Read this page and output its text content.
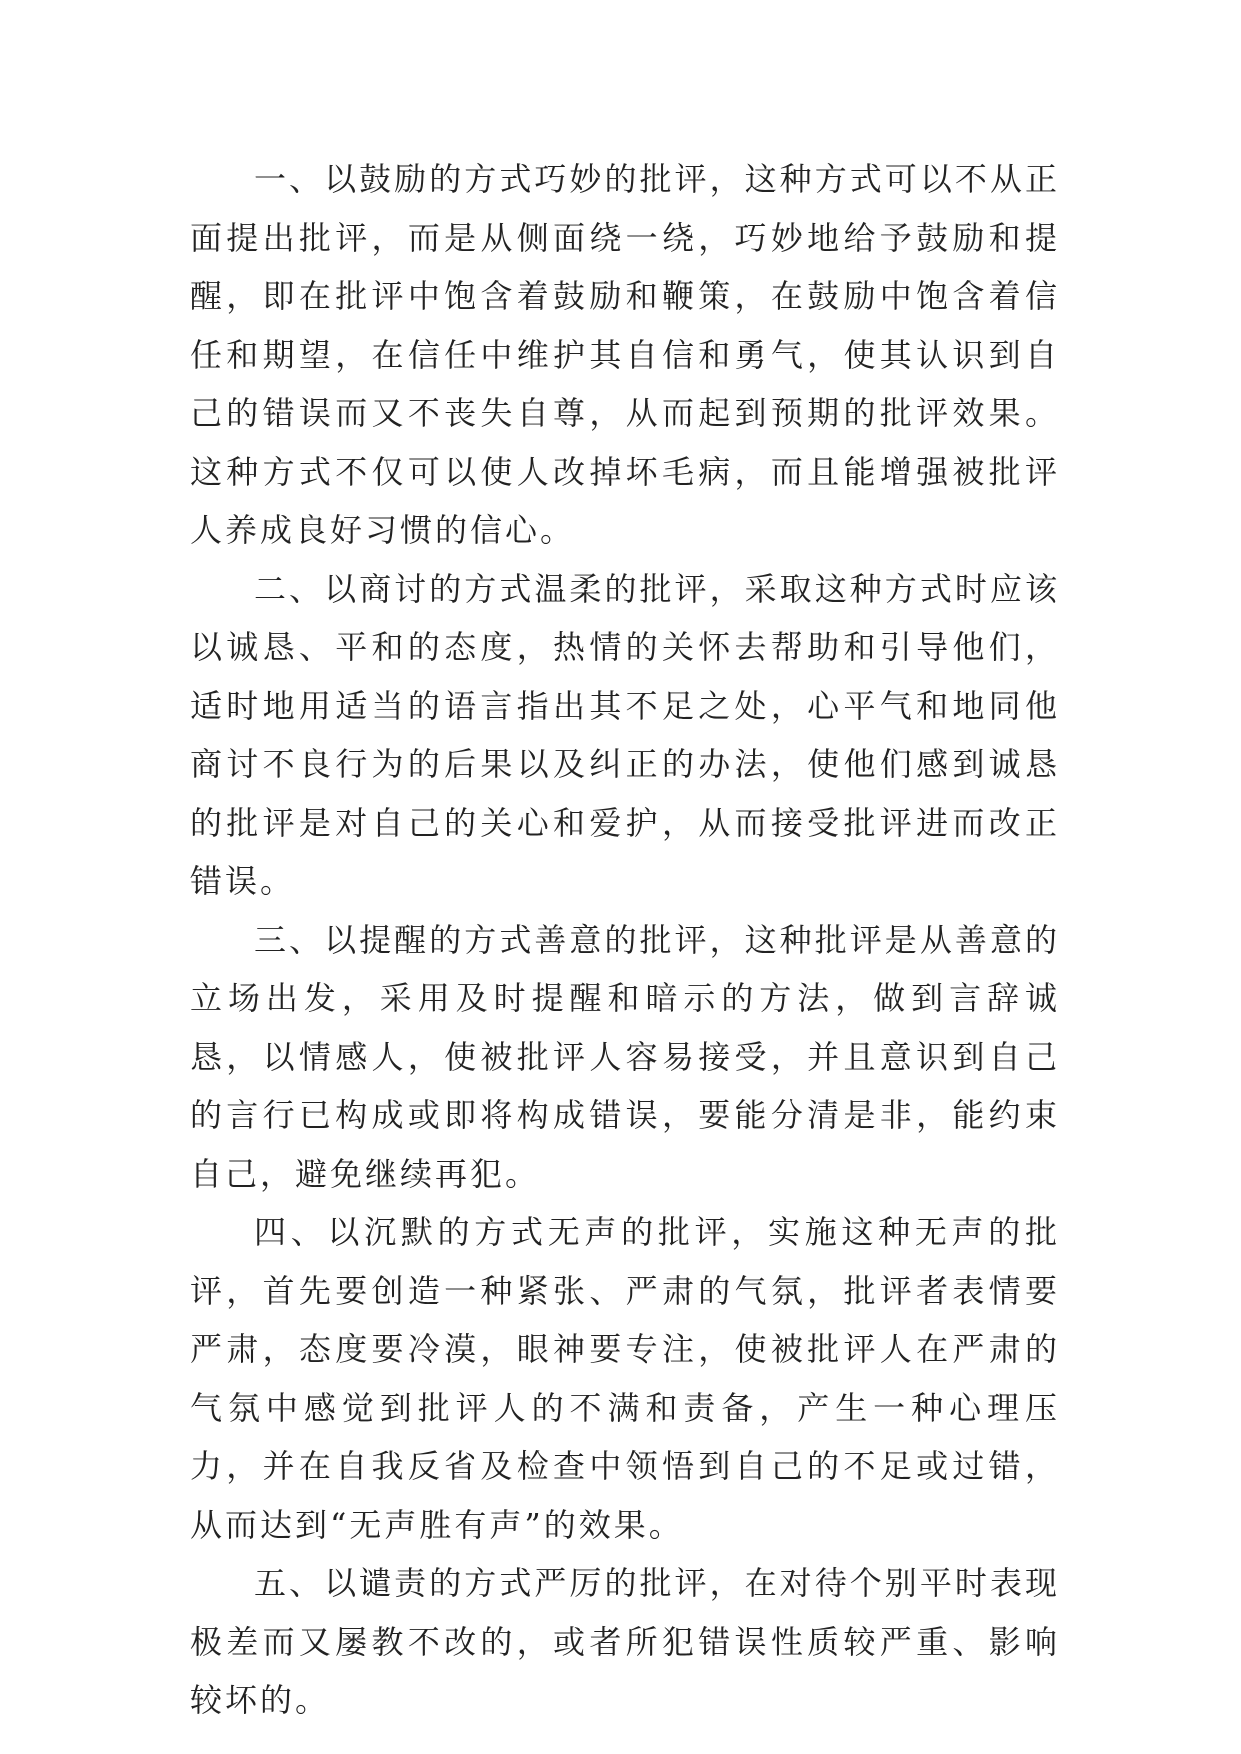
一、以鼓励的方式巧妙的批评，这种方式可以不从正面提出批评，而是从侧面绕一绕，巧妙地给予鼓励和提醒，即在批评中饱含着鼓励和鞭策，在鼓励中饱含着信任和期望，在信任中维护其自信和勇气，使其认识到自己的错误而又不丧失自尊，从而起到预期的批评效果。这种方式不仅可以使人改掉坏毛病，而且能增强被批评人养成良好习惯的信心。

二、以商讨的方式温柔的批评，采取这种方式时应该以诚恳、平和的态度，热情的关怀去帮助和引导他们，适时地用适当的语言指出其不足之处，心平气和地同他商讨不良行为的后果以及纠正的办法，使他们感到诚恳的批评是对自己的关心和爱护，从而接受批评进而改正错误。

三、以提醒的方式善意的批评，这种批评是从善意的立场出发，采用及时提醒和暗示的方法，做到言辞诚恳，以情感人，使被批评人容易接受，并且意识到自己的言行已构成或即将构成错误，要能分清是非，能约束自己，避免继续再犯。

四、以沉默的方式无声的批评，实施这种无声的批评，首先要创造一种紧张、严肃的气氛，批评者表情要严肃，态度要冷漠，眼神要专注，使被批评人在严肃的气氛中感觉到批评人的不满和责备，产生一种心理压力，并在自我反省及检查中领悟到自己的不足或过错，从而达到“无声胜有声”的效果。

五、以谴责的方式严厉的批评，在对待个别平时表现极差而又屡教不改的，或者所犯错误性质较严重、影响较坏的。
